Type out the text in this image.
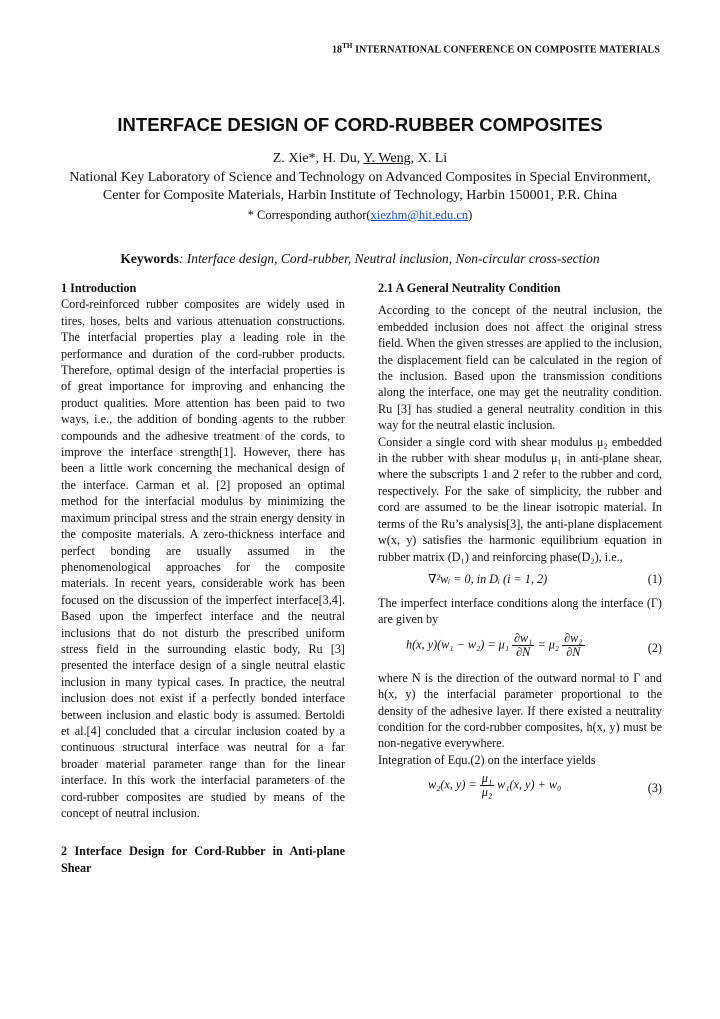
18TH INTERNATIONAL CONFERENCE ON COMPOSITE MATERIALS
INTERFACE DESIGN OF CORD-RUBBER COMPOSITES
Z. Xie*, H. Du, Y. Weng, X. Li
National Key Laboratory of Science and Technology on Advanced Composites in Special Environment, Center for Composite Materials, Harbin Institute of Technology, Harbin 150001, P.R. China
* Corresponding author(xiezhm@hit.edu.cn)
Keywords: Interface design, Cord-rubber, Neutral inclusion, Non-circular cross-section

1 Introduction

Cord-reinforced rubber composites are widely used in tires, hoses, belts and various attenuation constructions. The interfacial properties play a leading role in the performance and duration of the cord-rubber products. Therefore, optimal design of the interfacial properties is of great importance for improving and enhancing the product qualities. More attention has been paid to two ways, i.e., the addition of bonding agents to the rubber compounds and the adhesive treatment of the cords, to improve the interface strength[1]. However, there has been a little work concerning the mechanical design of the interface. Carman et al. [2] proposed an optimal method for the interfacial modulus by minimizing the maximum principal stress and the strain energy density in the composite materials. A zero-thickness interface and perfect bonding are usually assumed in the phenomenological approaches for the composite materials. In recent years, considerable work has been focused on the discussion of the imperfect interface[3,4]. Based upon the imperfect interface and the neutral inclusions that do not disturb the prescribed uniform stress field in the surrounding elastic body, Ru [3] presented the interface design of a single neutral elastic inclusion in many typical cases. In practice, the neutral inclusion does not exist if a perfectly bonded interface between inclusion and elastic body is assumed. Bertoldi et al.[4] concluded that a circular inclusion coated by a continuous structural interface was neutral for a far broader material parameter range than for the linear interface. In this work the interfacial parameters of the cord-rubber composites are studied by means of the concept of neutral inclusion.

2 Interface Design for Cord-Rubber in Anti-plane Shear

2.1 A General Neutrality Condition

According to the concept of the neutral inclusion, the embedded inclusion does not affect the original stress field. When the given stresses are applied to the inclusion, the displacement field can be calculated in the region of the inclusion. Based upon the transmission conditions along the interface, one may get the neutrality condition. Ru [3] has studied a general neutrality condition in this way for the neutral elastic inclusion.

Consider a single cord with shear modulus μ₂ embedded in the rubber with shear modulus μ₁ in anti-plane shear, where the subscripts 1 and 2 refer to the rubber and cord, respectively. For the sake of simplicity, the rubber and cord are assumed to be the linear isotropic material. In terms of the Ru’s analysis[3], the anti-plane displacement w(x, y) satisfies the harmonic equilibrium equation in rubber matrix (D₁) and reinforcing phase(D₂), i.e.,

∇²wᵢ = 0, in Dᵢ (i = 1, 2)	(1)

The imperfect interface conditions along the interface (Γ) are given by

h(x, $y)(w_1 - w_2) = \mu_1 \frac{\text{∂w₁}}{\partial N} = \mu_2 \frac{\text{∂w₂}}{\partial N}$	(2)

where N is the direction of the outward normal to Γ and h(x, y) the interfacial parameter proportional to the density of the adhesive layer. If there existed a neutrality condition for the cord-rubber composites, h(x, y) must be non-negative everywhere.

Integration of Equ.(2) on the interface yields

w₂(x, $y) = \frac{\text{μ₁}}{\text{μ₂}} w_1(x$, y) + w₀	(3)
